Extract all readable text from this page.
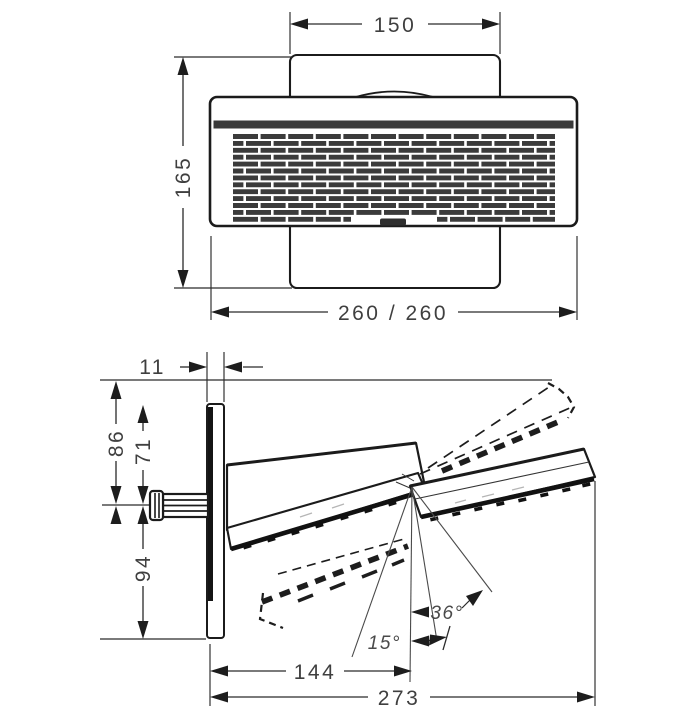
150
165
260 / 260
11
86 71
94
36°
15°
144
273
